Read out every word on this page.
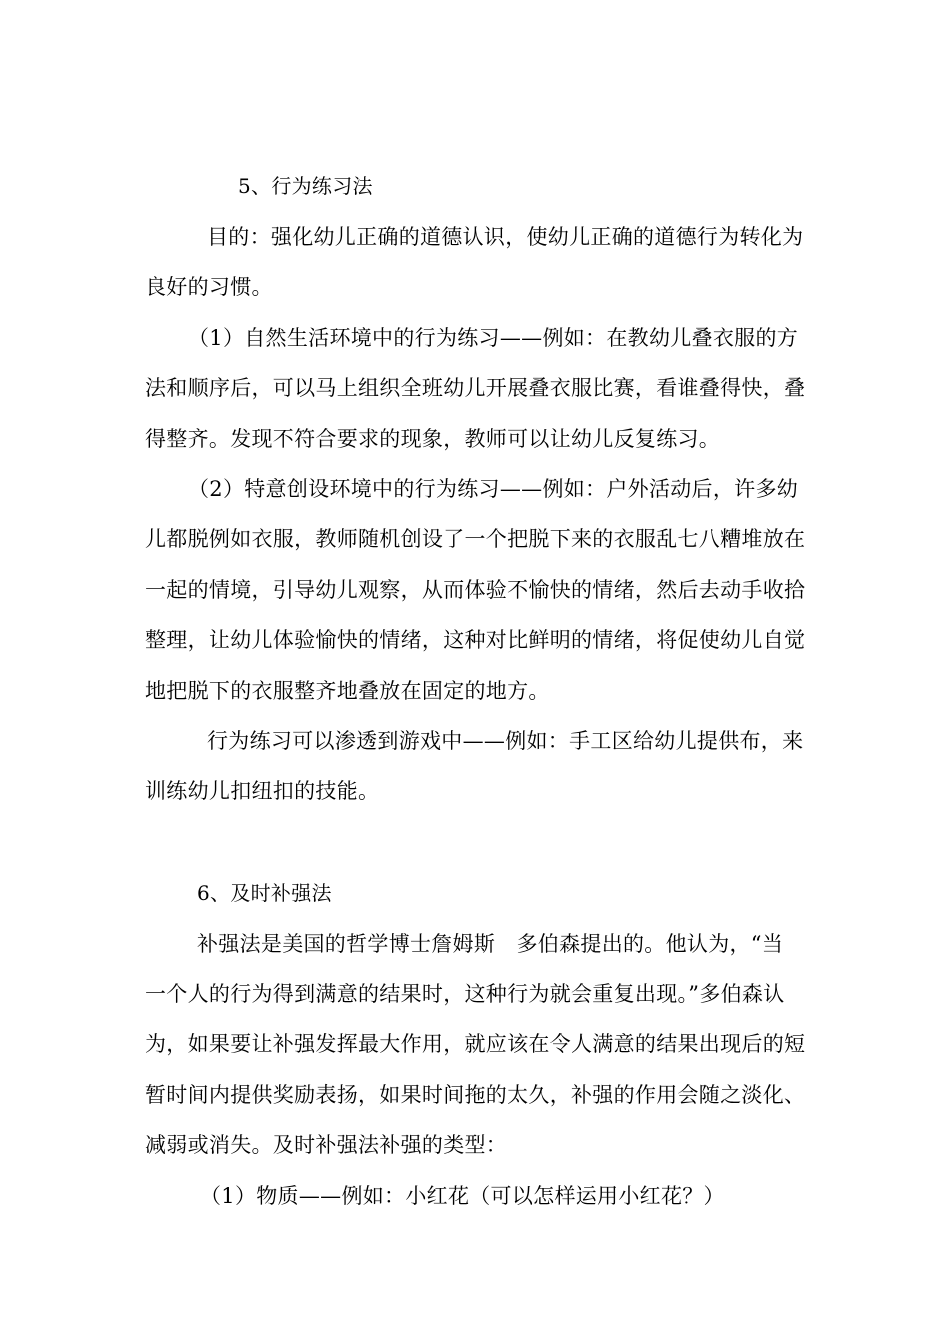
5、行为练习法
目的：强化幼儿正确的道德认识，使幼儿正确的道德行为转化为
良好的习惯。
（1）自然生活环境中的行为练习——例如：在教幼儿叠衣服的方
法和顺序后，可以马上组织全班幼儿开展叠衣服比赛，看谁叠得快，叠
得整齐。发现不符合要求的现象，教师可以让幼儿反复练习。
（2）特意创设环境中的行为练习——例如：户外活动后，许多幼
儿都脱例如衣服，教师随机创设了一个把脱下来的衣服乱七八糟堆放在
一起的情境，引导幼儿观察，从而体验不愉快的情绪，然后去动手收拾
整理，让幼儿体验愉快的情绪，这种对比鲜明的情绪，将促使幼儿自觉
地把脱下的衣服整齐地叠放在固定的地方。
行为练习可以渗透到游戏中——例如：手工区给幼儿提供布，来
训练幼儿扣纽扣的技能。
6、及时补强法
补强法是美国的哲学博士詹姆斯　多伯森提出的。他认为，“当
一个人的行为得到满意的结果时，这种行为就会重复出现。”多伯森认
为，如果要让补强发挥最大作用，就应该在令人满意的结果出现后的短
暂时间内提供奖励表扬，如果时间拖的太久，补强的作用会随之淡化、
减弱或消失。及时补强法补强的类型：
（1）物质——例如：小红花（可以怎样运用小红花？）
